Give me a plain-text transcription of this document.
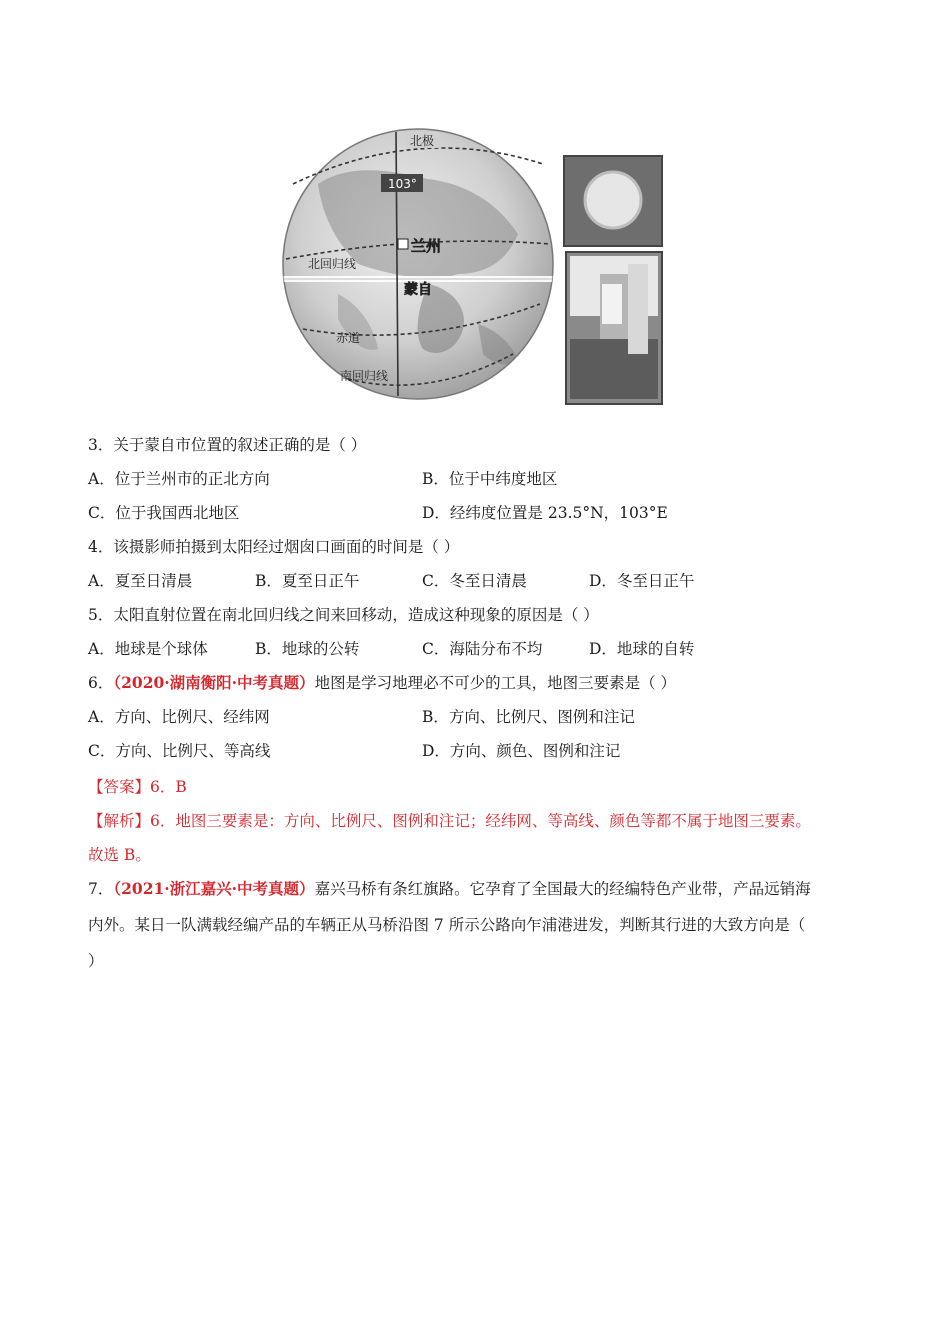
北极
103°
兰州
北回归线
蒙自
赤道
南回归线
3．关于蒙自市位置的叙述正确的是（ ）
A．位于兰州市的正北方向	B．位于中纬度地区
C．位于我国西北地区	D．经纬度位置是 23.5°N，103°E
4．该摄影师拍摄到太阳经过烟囱口画面的时间是（ ）
A．夏至日清晨	B．夏至日正午	C．冬至日清晨	D．冬至日正午
5．太阳直射位置在南北回归线之间来回移动，造成这种现象的原因是（ ）
A．地球是个球体	B．地球的公转	C．海陆分布不均	D．地球的自转
6．（2020·湖南衡阳·中考真题）地图是学习地理必不可少的工具，地图三要素是（ ）
A．方向、比例尺、经纬网	B．方向、比例尺、图例和注记
C．方向、比例尺、等高线	D．方向、颜色、图例和注记
【答案】6．B
【解析】6．地图三要素是：方向、比例尺、图例和注记；经纬网、等高线、颜色等都不属于地图三要素。
故选 B。
7．（2021·浙江嘉兴·中考真题）嘉兴马桥有条红旗路。它孕育了全国最大的经编特色产业带，产品远销海
内外。某日一队满载经编产品的车辆正从马桥沿图 7 所示公路向乍浦港进发，判断其行进的大致方向是（
）
